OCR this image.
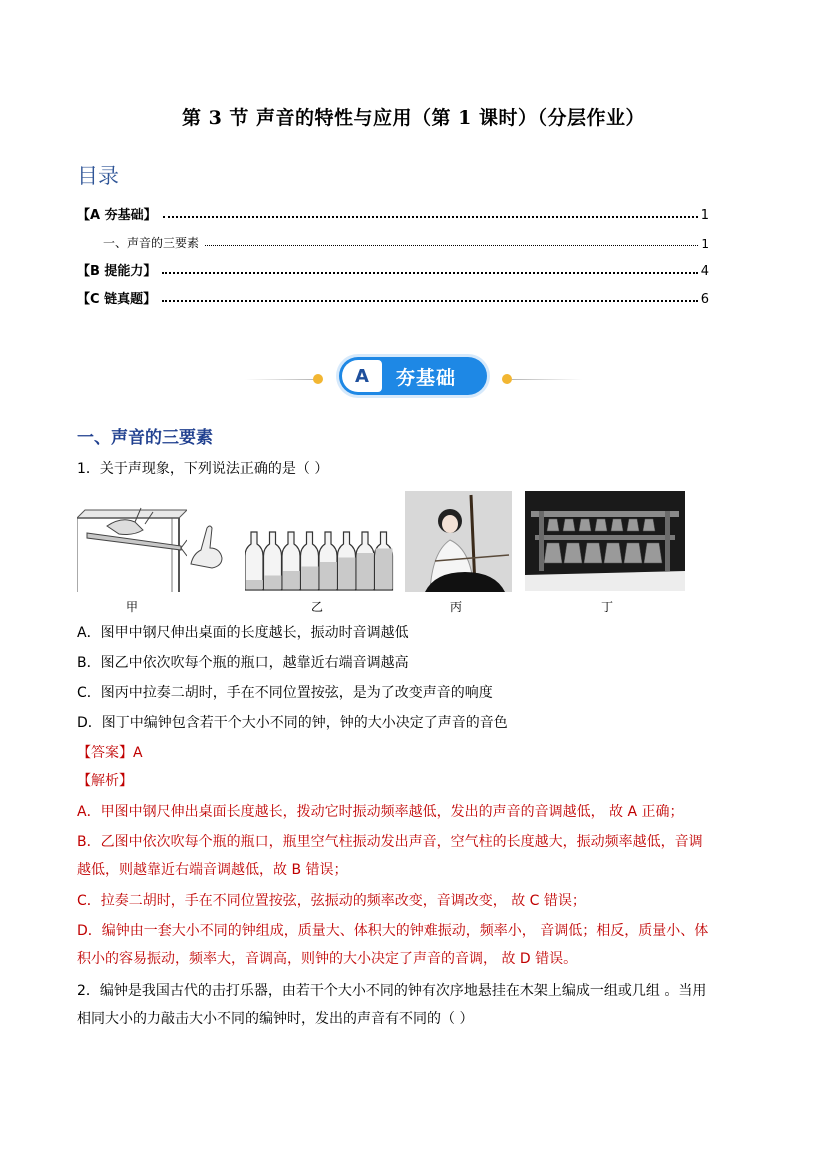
第 3 节 声音的特性与应用（第 1 课时）（分层作业）
目录
【A 夯基础】	1
一、声音的三要素	1
【B 提能力】	4
【C 链真题】	6
A	夯基础
一、声音的三要素
1．关于声现象，下列说法正确的是（ ）
甲	乙	丙	丁
A．图甲中钢尺伸出桌面的长度越长，振动时音调越低
B．图乙中依次吹每个瓶的瓶口，越靠近右端音调越高
C．图丙中拉奏二胡时，手在不同位置按弦，是为了改变声音的响度
D．图丁中编钟包含若干个大小不同的钟，钟的大小决定了声音的音色
【答案】A
【解析】
A．甲图中钢尺伸出桌面长度越长，拨动它时振动频率越低，发出的声音的音调越低， 故 A 正确；
B．乙图中依次吹每个瓶的瓶口，瓶里空气柱振动发出声音，空气柱的长度越大，振动频率越低，音调
越低，则越靠近右端音调越低，故 B 错误；
C．拉奏二胡时，手在不同位置按弦，弦振动的频率改变，音调改变， 故 C 错误；
D．编钟由一套大小不同的钟组成，质量大、体积大的钟难振动，频率小， 音调低；相反，质量小、体
积小的容易振动，频率大，音调高，则钟的大小决定了声音的音调， 故 D 错误。
2．编钟是我国古代的击打乐器，由若干个大小不同的钟有次序地悬挂在木架上编成一组或几组 。当用
相同大小的力敲击大小不同的编钟时，发出的声音有不同的（ ）
